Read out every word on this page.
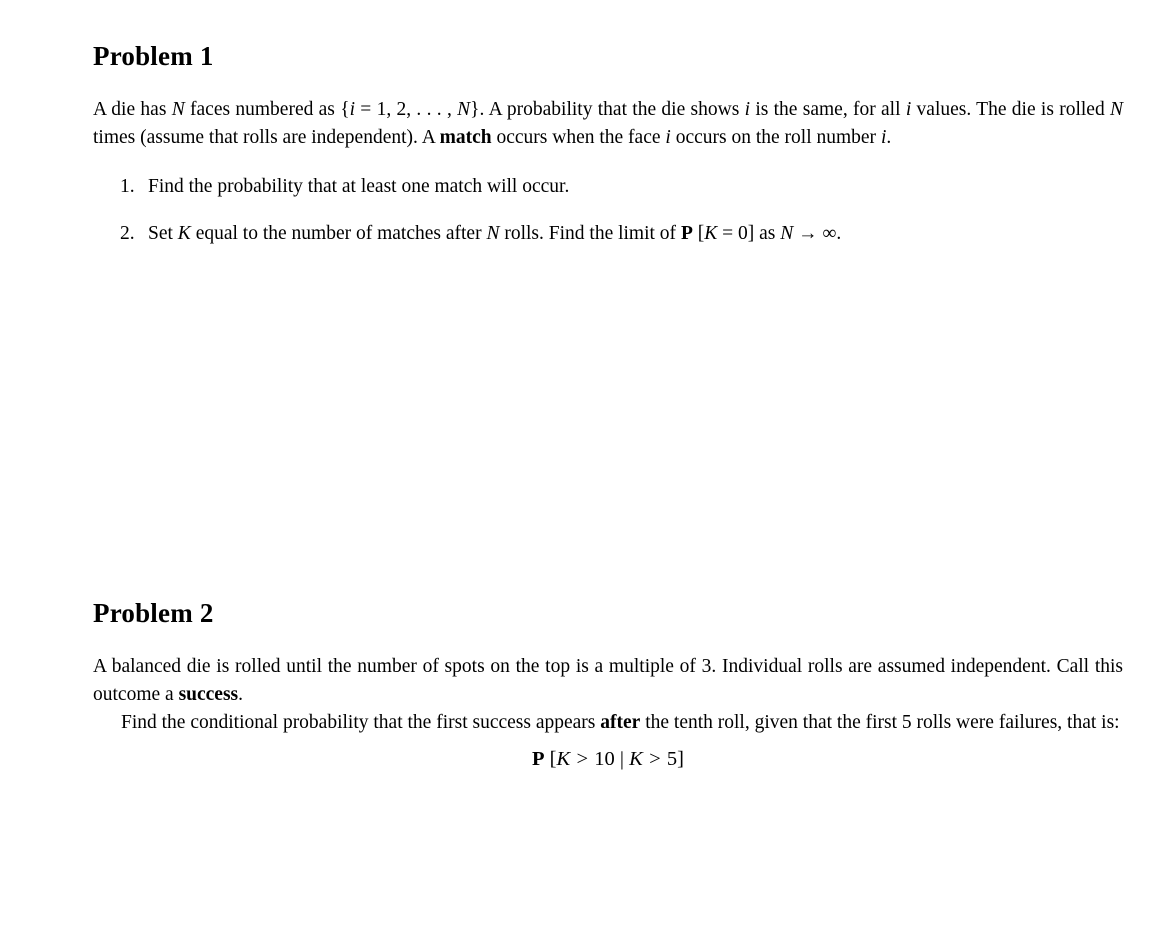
Problem 1

A die has N faces numbered as {i = 1, 2, . . . , N}. A probability that the die shows i is the same, for all i values. The die is rolled N times (assume that rolls are independent). A match occurs when the face i occurs on the roll number i.

1. Find the probability that at least one match will occur.
2. Set K equal to the number of matches after N rolls. Find the limit of P [K = 0] as N → ∞.
Problem 2

A balanced die is rolled until the number of spots on the top is a multiple of 3. Individual rolls are assumed independent. Call this outcome a success.

Find the conditional probability that the first success appears after the tenth roll, given that the first 5 rolls were failures, that is:

P [K > 10 | K > 5]
